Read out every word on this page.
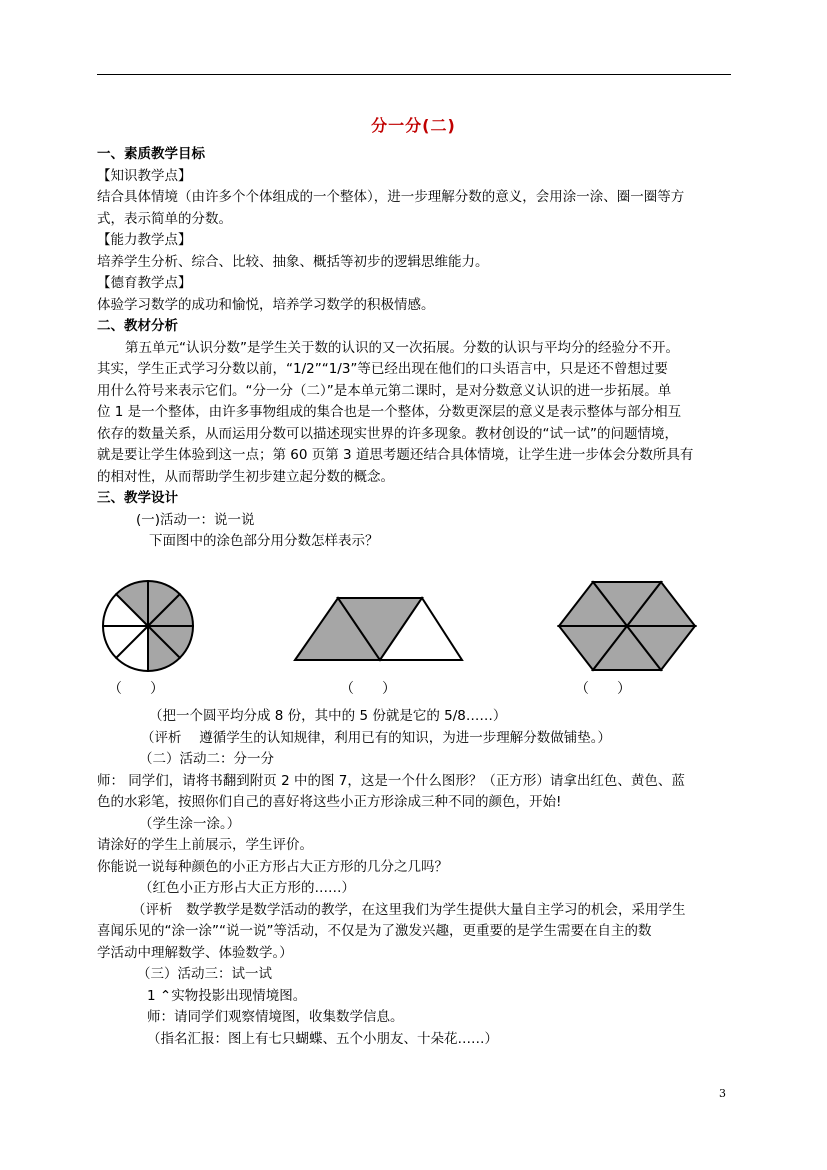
分一分(二)

一、素质教学目标

【知识教学点】

结合具体情境（由许多个个体组成的一个整体），进一步理解分数的意义，会用涂一涂、圈一圈等方

式，表示简单的分数。

【能力教学点】

培养学生分析、综合、比较、抽象、概括等初步的逻辑思维能力。

【德育教学点】

体验学习数学的成功和愉悦，培养学习数学的积极情感。

二、教材分析

第五单元“认识分数”是学生关于数的认识的又一次拓展。分数的认识与平均分的经验分不开。

其实，学生正式学习分数以前，“1/2”“1/3”等已经出现在他们的口头语言中，只是还不曾想过要

用什么符号来表示它们。“分一分（二）”是本单元第二课时，是对分数意义认识的进一步拓展。单

位 1 是一个整体，由许多事物组成的集合也是一个整体，分数更深层的意义是表示整体与部分相互

依存的数量关系，从而运用分数可以描述现实世界的许多现象。教材创设的“试一试”的问题情境，

就是要让学生体验到这一点；第 60 页第 3 道思考题还结合具体情境，让学生进一步体会分数所具有

的相对性，从而帮助学生初步建立起分数的概念。

三、教学设计

(一)活动一：说一说

下面图中的涂色部分用分数怎样表示？

（　　）	（　　）	（　　）

（把一个圆平均分成 8 份，其中的 5 份就是它的 5/8……）

（评析　 遵循学生的认知规律，利用已有的知识，为进一步理解分数做铺垫。）

（二）活动二：分一分

师： 同学们，请将书翻到附页 2 中的图 7，这是一个什么图形？（正方形）请拿出红色、黄色、蓝

色的水彩笔，按照你们自己的喜好将这些小正方形涂成三种不同的颜色，开始!

（学生涂一涂。）

请涂好的学生上前展示，学生评价。

你能说一说每种颜色的小正方形占大正方形的几分之几吗？

（红色小正方形占大正方形的……）

（评析　数学教学是数学活动的教学，在这里我们为学生提供大量自主学习的机会，采用学生

喜闻乐见的“涂一涂”“说一说”等活动，不仅是为了激发兴趣，更重要的是学生需要在自主的数

学活动中理解数学、体验数学。）

（三）活动三：试一试

1 ⌃实物投影出现情境图。

师：请同学们观察情境图，收集数学信息。

（指名汇报：图上有七只蝴蝶、五个小朋友、十朵花……）

3
